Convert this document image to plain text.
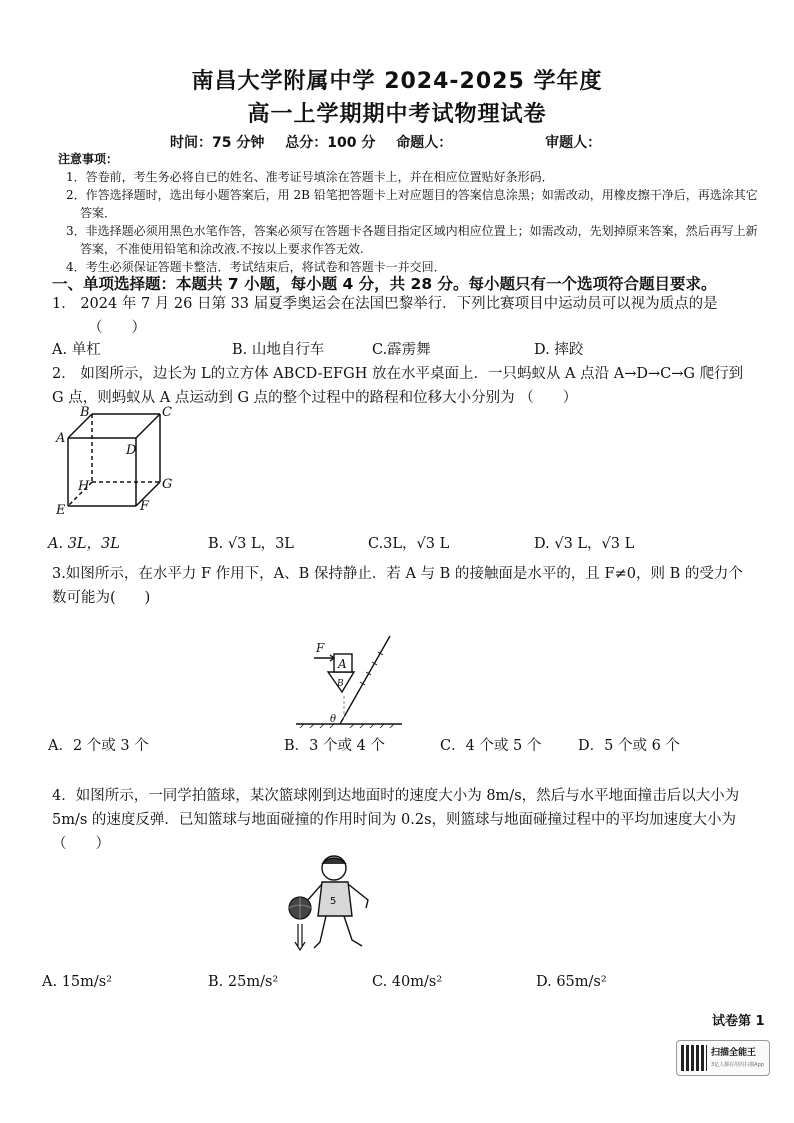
南昌大学附属中学 2024-2025 学年度
高一上学期期中考试物理试卷
时间：75 分钟 总分：100 分 命题人：	审题人：
注意事项：
1．答卷前，考生务必将自已的姓名、准考证号填涂在答题卡上，并在相应位置贴好条形码．
2．作答选择题时，选出每小题答案后，用 2B 铅笔把答题卡上对应题目的答案信息涂黑；如需改动，用橡皮擦干净后，再选涂其它答案．
3．非选择题必须用黑色水笔作答，答案必须写在答题卡各题目指定区域内相应位置上；如需改动，先划掉原来答案，然后再写上新答案，不准使用铅笔和涂改液.不按以上要求作答无效.
4．考生必须保证答题卡整洁．考试结束后，将试卷和答题卡一并交回．
一、单项选择题：本题共 7 小题，每小题 4 分，共 28 分。每小题只有一个选项符合题目要求。
1． 2024 年 7 月 26 日第 33 届夏季奥运会在法国巴黎举行．下列比赛项目中运动员可以视为质点的是
（　　）
A. 单杠	B. 山地自行车	C.霹雳舞	D. 摔跤
2． 如图所示，边长为 L的立方体 ABCD-EFGH 放在水平桌面上．一只蚂蚁从 A 点沿 A→D→C→G 爬行到 G 点，则蚂蚁从 A 点运动到 G 点的整个过程中的路程和位移大小分别为 （　　）
B	C
A
D
H	G
E	F
A. 3L，3L	B. √3 L，3L	C.3L，√3 L	D. √3 L，√3 L
3.如图所示，在水平力 F 作用下，A、B 保持静止．若 A 与 B 的接触面是水平的，且 F≠0，则 B 的受力个数可能为(　　)
F
A
B
θ
A．2 个或 3 个	B．3 个或 4 个	C．4 个或 5 个	D．5 个或 6 个
4．如图所示，一同学拍篮球，某次篮球刚到达地面时的速度大小为 8m/s，然后与水平地面撞击后以大小为 5m/s 的速度反弹．已知篮球与地面碰撞的作用时间为 0.2s，则篮球与地面碰撞过程中的平均加速度大小为 （　　）
5
A. 15m/s²	B. 25m/s²	C. 40m/s²	D. 65m/s²
试卷第 1
扫描全能王
3亿人都在用的扫描App
